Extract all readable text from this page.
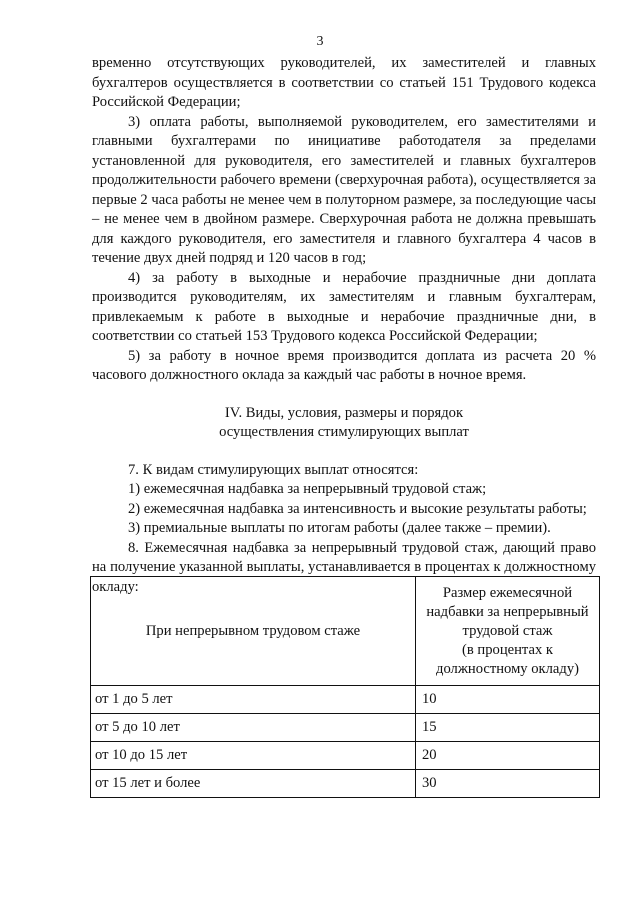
3

временно отсутствующих руководителей, их заместителей и главных бухгалтеров осуществляется в соответствии со статьей 151 Трудового кодекса Российской Федерации;

3) оплата работы, выполняемой руководителем, его заместителями и главными бухгалтерами по инициативе работодателя за пределами установленной для руководителя, его заместителей и главных бухгалтеров продолжительности рабочего времени (сверхурочная работа), осуществляется за первые 2 часа работы не менее чем в полуторном размере, за последующие часы – не менее чем в двойном размере. Сверхурочная работа не должна превышать для каждого руководителя, его заместителя и главного бухгалтера 4 часов в течение двух дней подряд и 120 часов в год;

4) за работу в выходные и нерабочие праздничные дни доплата производится руководителям, их заместителям и главным бухгалтерам, привлекаемым к работе в выходные и нерабочие праздничные дни, в соответствии со статьей 153 Трудового кодекса Российской Федерации;

5) за работу в ночное время производится доплата из расчета 20 % часового должностного оклада за каждый час работы в ночное время.

IV. Виды, условия, размеры и порядок
осуществления стимулирующих выплат

7. К видам стимулирующих выплат относятся:

1) ежемесячная надбавка за непрерывный трудовой стаж;

2) ежемесячная надбавка за интенсивность и высокие результаты работы;

3) премиальные выплаты по итогам работы (далее также – премии).

8. Ежемесячная надбавка за непрерывный трудовой стаж, дающий право на получение указанной выплаты, устанавливается в процентах к должностному окладу:

При непрерывном трудовом стаже	Размер ежемесячной
надбавки за непрерывный
трудовой стаж
(в процентах к
должностному окладу)

от 1 до 5 лет	10
от 5 до 10 лет	15
от 10 до 15 лет	20
от 15 лет и более	30
